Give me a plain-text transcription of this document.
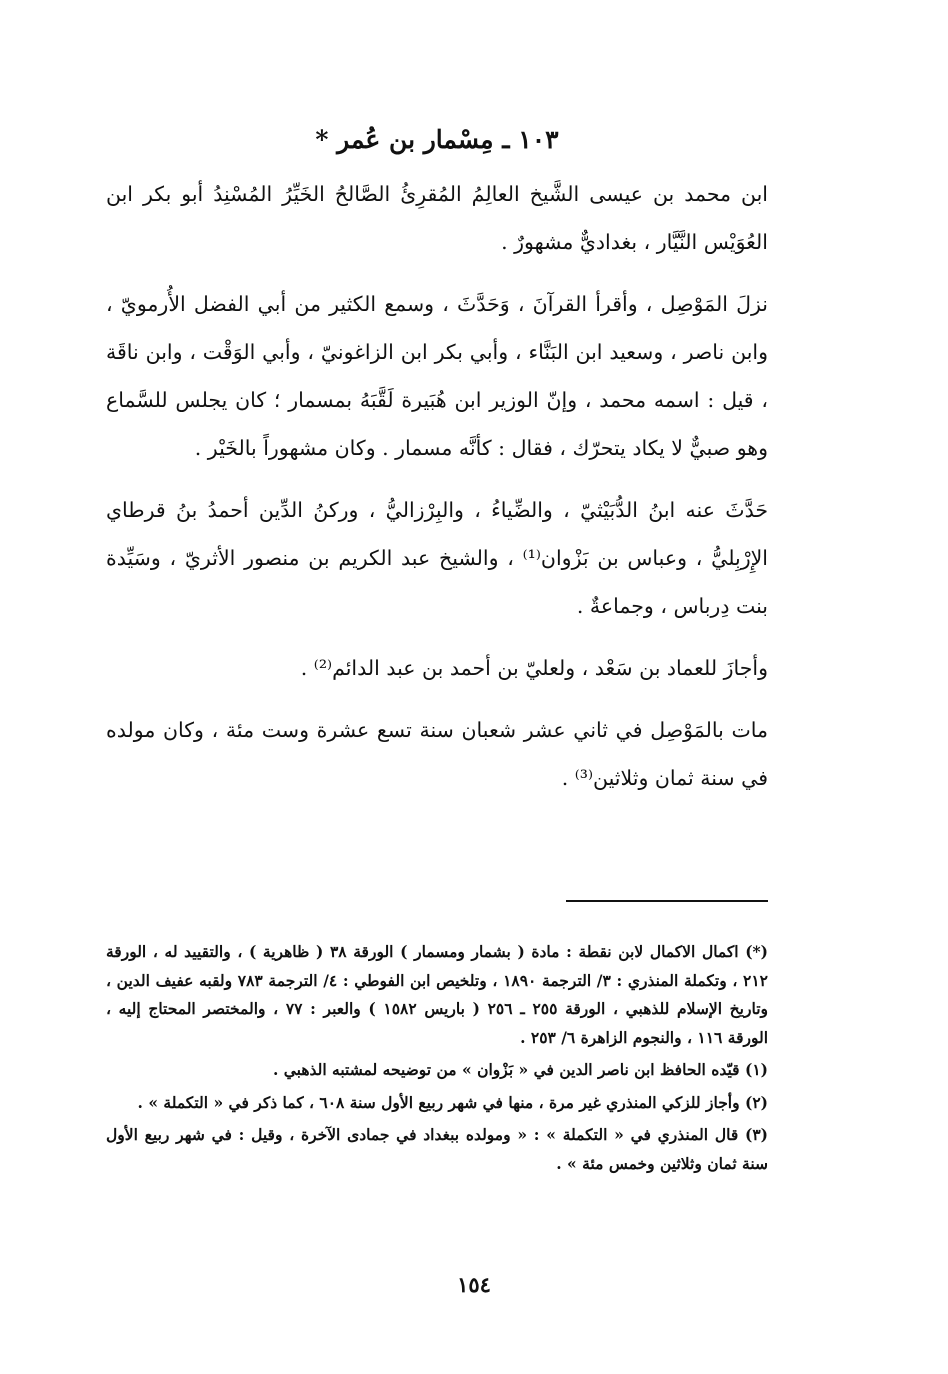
١٠٣ ـ مِسْمار بن عُمر *

ابن محمد بن عيسى الشَّيخ العالِمُ المُقرِئُ الصَّالحُ الخَيِّرُ المُسْنِدُ أبو بكر ابن العُوَيْس النَّيَّار ، بغداديٌّ مشهورٌ .

نزلَ المَوْصِل ، وأقرأ القرآنَ ، وَحَدَّثَ ، وسمع الكثير من أبي الفضل الأُرمويّ ، وابن ناصر ، وسعيد ابن البَنَّاء ، وأبي بكر ابن الزاغونيّ ، وأبي الوَقْت ، وابن ناقَة ، قيل : اسمه محمد ، وإنّ الوزير ابن هُبَيرة لَقَّبَهُ بمسمار ؛ كان يجلس للسَّماع وهو صبيٌّ لا يكاد يتحرّك ، فقال : كأنَّه مسمار . وكان مشهوراً بالخَيْر .

حَدَّثَ عنه ابنُ الدُّبَيْثيّ ، والضِّياءُ ، والبِرْزاليُّ ، وركنُ الدِّين أحمدُ بنُ قرطاي الإِرْبِليُّ ، وعباس بن بَزْوان⁽¹⁾ ، والشيخ عبد الكريم بن منصور الأثريّ ، وسَيِّدة بنت دِرباس ، وجماعةٌ .

وأجازَ للعماد بن سَعْد ، ولعليّ بن أحمد بن عبد الدائم⁽²⁾ .

مات بالمَوْصِل في ثاني عشر شعبان سنة تسع عشرة وست مئة ، وكان مولده في سنة ثمان وثلاثين⁽³⁾ .

(*) اكمال الاكمال لابن نقطة : مادة ( بشمار ومسمار ) الورقة ٣٨ ( ظاهرية ) ، والتقييد له ، الورقة ٢١٢ ، وتكملة المنذري : ٣/ الترجمة ١٨٩٠ ، وتلخيص ابن الفوطي : ٤/ الترجمة ٧٨٣ ولقبه عفيف الدين ، وتاريخ الإسلام للذهبي ، الورقة ٢٥٥ ـ ٢٥٦ ( باريس ١٥٨٢ ) والعبر : ٧٧ ، والمختصر المحتاج إليه ، الورقة ١١٦ ، والنجوم الزاهرة ٦/ ٢٥٣ .

(١) قيّده الحافظ ابن ناصر الدين في « بَزْوان » من توضيحه لمشتبه الذهبي .

(٢) وأجاز للزكي المنذري غير مرة ، منها في شهر ربيع الأول سنة ٦٠٨ ، كما ذكر في « التكملة » .

(٣) قال المنذري في « التكملة » : « ومولده ببغداد في جمادى الآخرة ، وقيل : في شهر ربيع الأول سنة ثمان وثلاثين وخمس مئة » .

١٥٤
